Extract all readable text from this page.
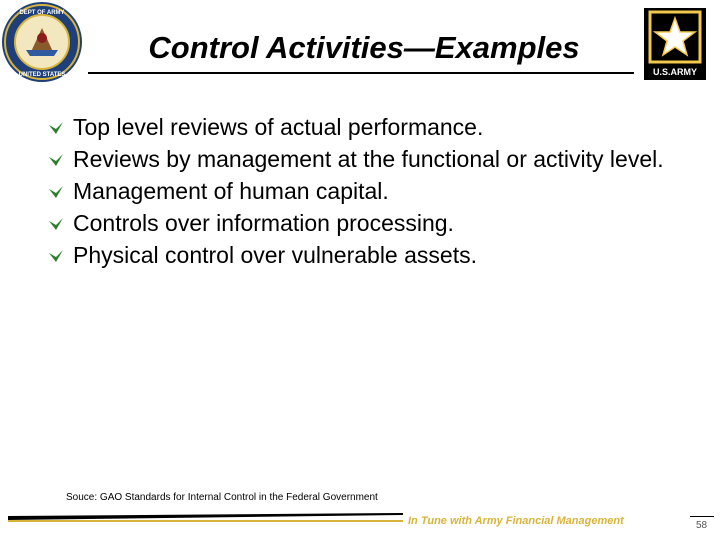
DEPT OF ARMY
UNITED STATES	U.S.ARMY
Control Activities—Examples
Top level reviews of actual performance.
Reviews by management at the functional or activity level.
Management of human capital.
Controls over information processing.
Physical control over vulnerable assets.
Souce: GAO Standards for Internal Control in the Federal Government
In Tune with Army Financial Management	58
